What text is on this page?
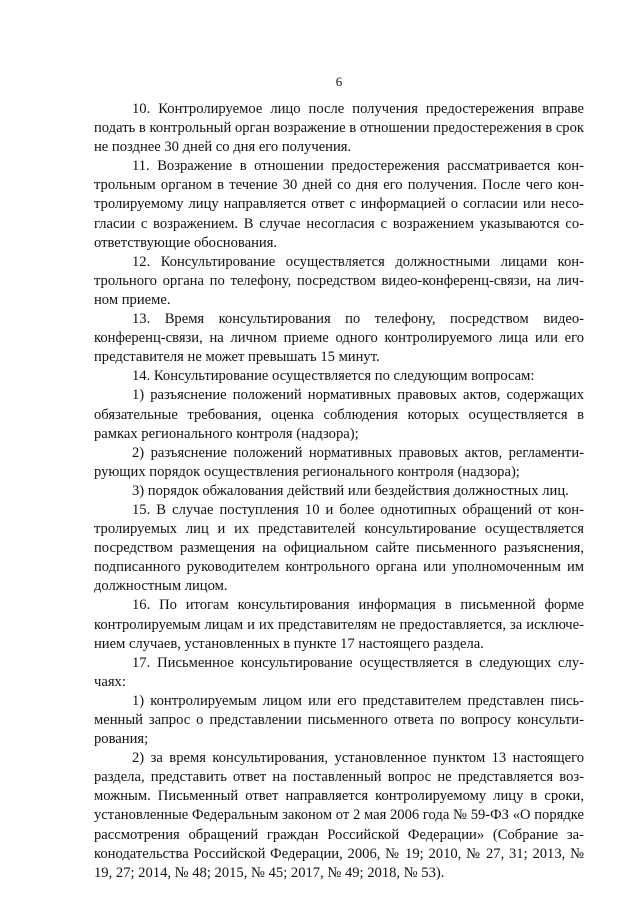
6

10. Контролируемое лицо после получения предостережения вправе подать в контрольный орган возражение в отношении предостережения в срок не позднее 30 дней со дня его получения.

11. Возражение в отношении предостережения рассматривается контрольным органом в течение 30 дней со дня его получения. После чего контролируемому лицу направляется ответ с информацией о согласии или несогласии с возражением. В случае несогласия с возражением указываются соответствующие обоснования.

12. Консультирование осуществляется должностными лицами контрольного органа по телефону, посредством видео-конференц-связи, на личном приеме.

13. Время консультирования по телефону, посредством видео-конференц-связи, на личном приеме одного контролируемого лица или его представителя не может превышать 15 минут.

14. Консультирование осуществляется по следующим вопросам:

1) разъяснение положений нормативных правовых актов, содержащих обязательные требования, оценка соблюдения которых осуществляется в рамках регионального контроля (надзора);

2) разъяснение положений нормативных правовых актов, регламентирующих порядок осуществления регионального контроля (надзора);

3) порядок обжалования действий или бездействия должностных лиц.

15. В случае поступления 10 и более однотипных обращений от контролируемых лиц и их представителей консультирование осуществляется посредством размещения на официальном сайте письменного разъяснения, подписанного руководителем контрольного органа или уполномоченным им должностным лицом.

16. По итогам консультирования информация в письменной форме контролируемым лицам и их представителям не предоставляется, за исключением случаев, установленных в пункте 17 настоящего раздела.

17. Письменное консультирование осуществляется в следующих случаях:

1) контролируемым лицом или его представителем представлен письменный запрос о представлении письменного ответа по вопросу консультирования;

2) за время консультирования, установленное пунктом 13 настоящего раздела, представить ответ на поставленный вопрос не представляется возможным. Письменный ответ направляется контролируемому лицу в сроки, установленные Федеральным законом от 2 мая 2006 года № 59-ФЗ «О порядке рассмотрения обращений граждан Российской Федерации» (Собрание законодательства Российской Федерации, 2006, № 19; 2010, № 27, 31; 2013, № 19, 27; 2014, № 48; 2015, № 45; 2017, № 49; 2018, № 53).
